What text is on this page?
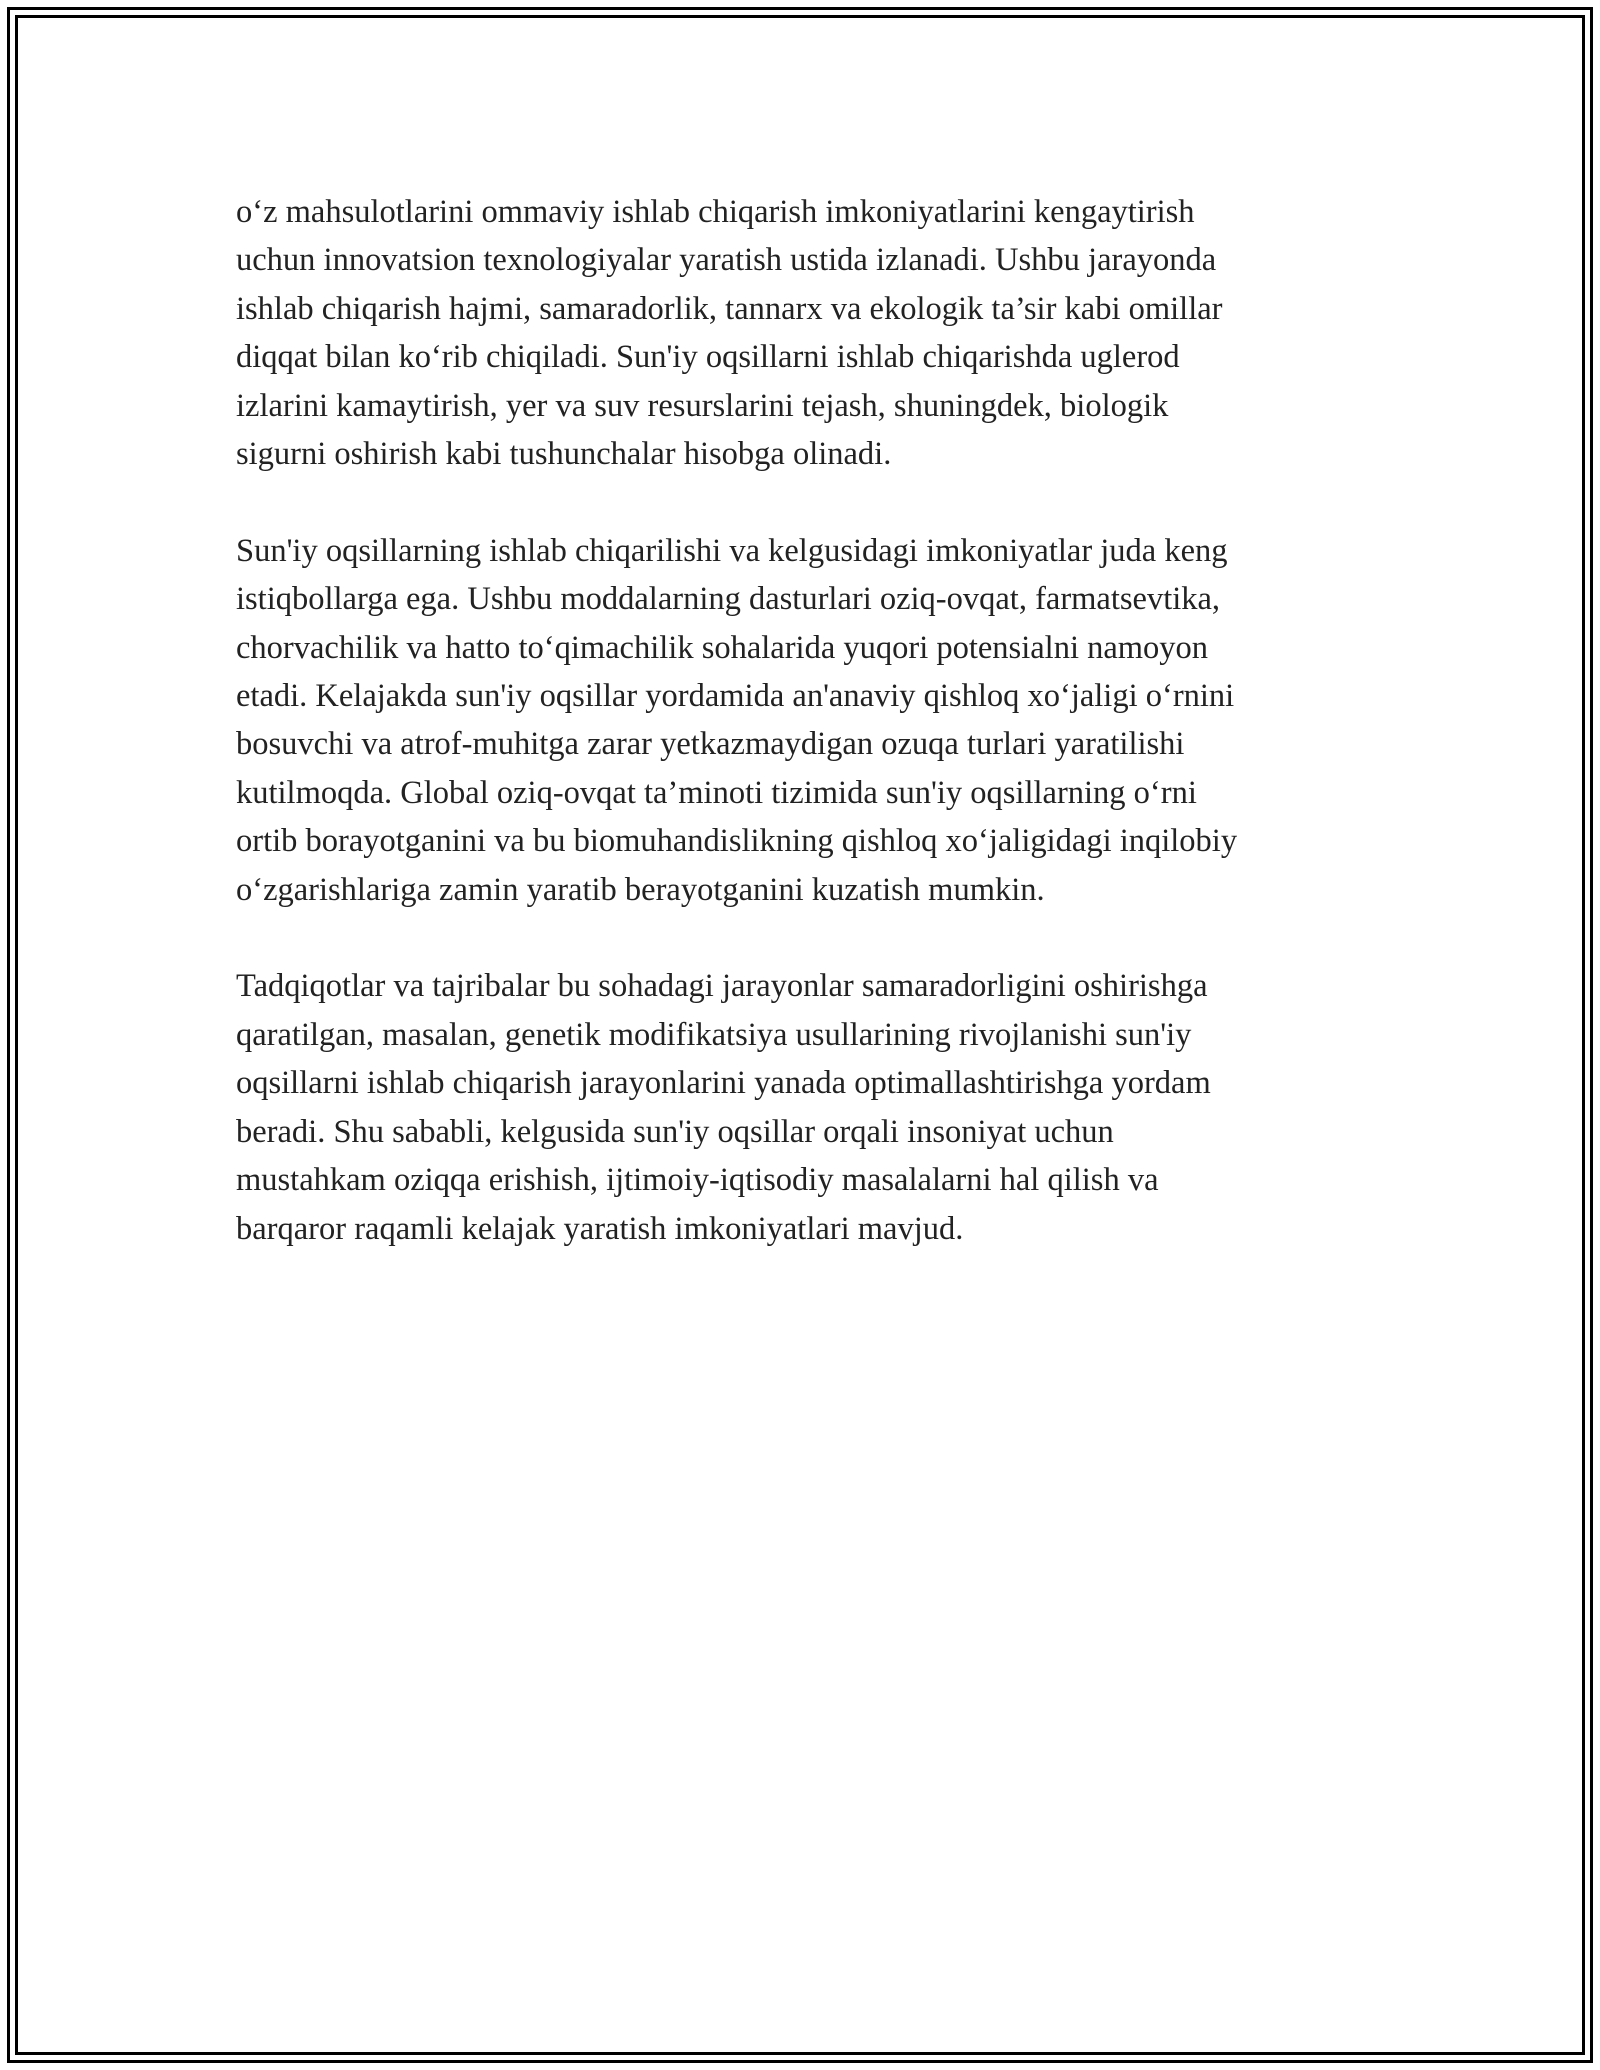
o‘z mahsulotlarini ommaviy ishlab chiqarish imkoniyatlarini kengaytirish
uchun innovatsion texnologiyalar yaratish ustida izlanadi. Ushbu jarayonda
ishlab chiqarish hajmi, samaradorlik, tannarx va ekologik ta’sir kabi omillar
diqqat bilan ko‘rib chiqiladi. Sun'iy oqsillarni ishlab chiqarishda uglerod
izlarini kamaytirish, yer va suv resurslarini tejash, shuningdek, biologik
sigurni oshirish kabi tushunchalar hisobga olinadi.

Sun'iy oqsillarning ishlab chiqarilishi va kelgusidagi imkoniyatlar juda keng
istiqbollarga ega. Ushbu moddalarning dasturlari oziq-ovqat, farmatsevtika,
chorvachilik va hatto to‘qimachilik sohalarida yuqori potensialni namoyon
etadi. Kelajakda sun'iy oqsillar yordamida an'anaviy qishloq xo‘jaligi o‘rnini
bosuvchi va atrof-muhitga zarar yetkazmaydigan ozuqa turlari yaratilishi
kutilmoqda. Global oziq-ovqat ta’minoti tizimida sun'iy oqsillarning o‘rni
ortib borayotganini va bu biomuhandislikning qishloq xo‘jaligidagi inqilobiy
o‘zgarishlariga zamin yaratib berayotganini kuzatish mumkin.

Tadqiqotlar va tajribalar bu sohadagi jarayonlar samaradorligini oshirishga
qaratilgan, masalan, genetik modifikatsiya usullarining rivojlanishi sun'iy
oqsillarni ishlab chiqarish jarayonlarini yanada optimallashtirishga yordam
beradi. Shu sababli, kelgusida sun'iy oqsillar orqali insoniyat uchun
mustahkam oziqqa erishish, ijtimoiy-iqtisodiy masalalarni hal qilish va
barqaror raqamli kelajak yaratish imkoniyatlari mavjud.
